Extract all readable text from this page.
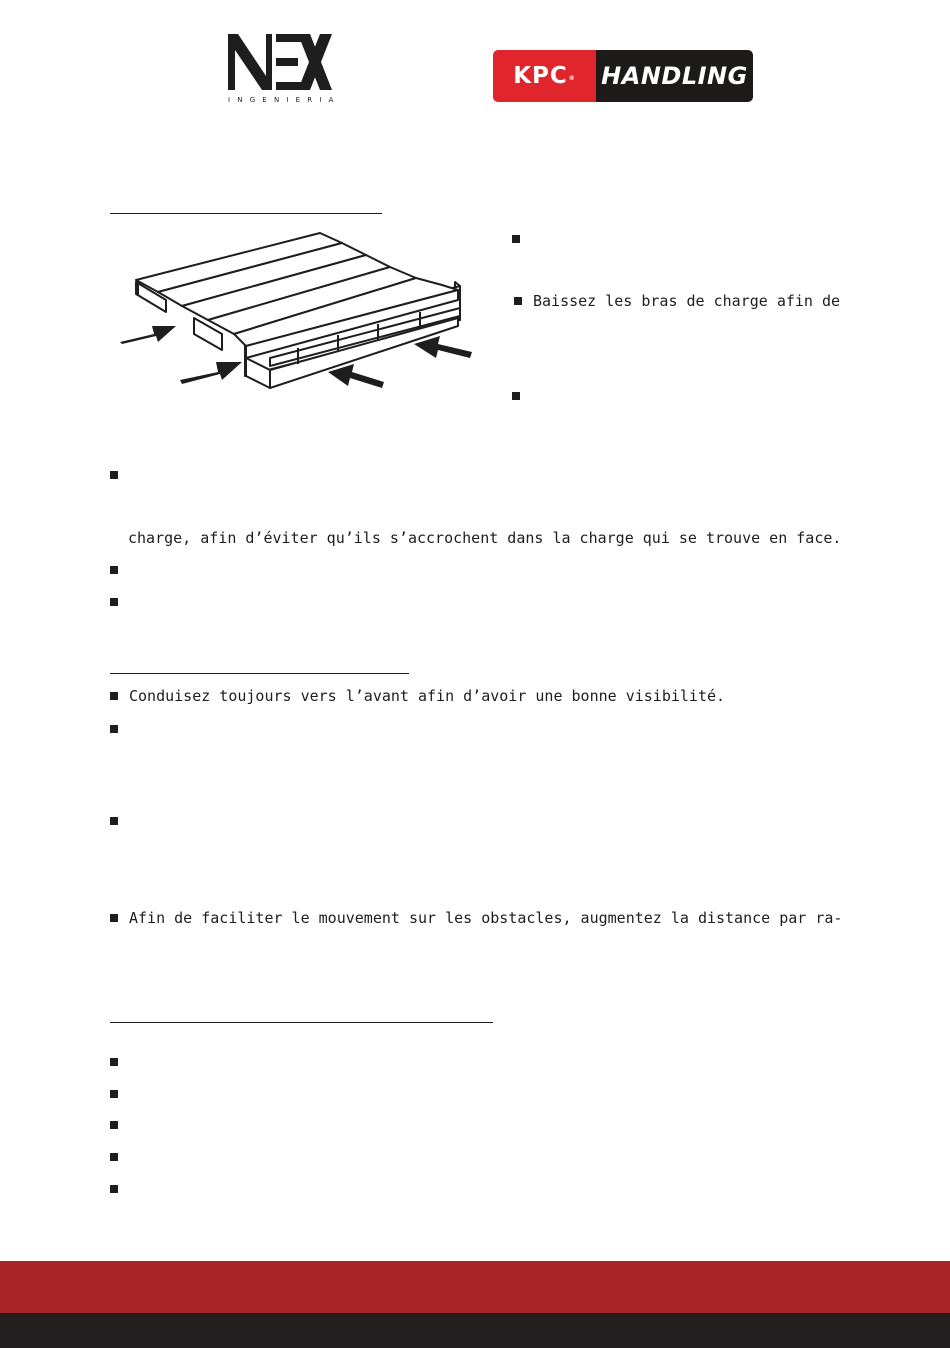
INGENIERIA
KPC ® HANDLING
Baissez les bras de charge afin de
charge, afin d’éviter qu’ils s’accrochent dans la charge qui se trouve en face.
Conduisez toujours vers l’avant afin d’avoir une bonne visibilité.
Afin de faciliter le mouvement sur les obstacles, augmentez la distance par ra-
